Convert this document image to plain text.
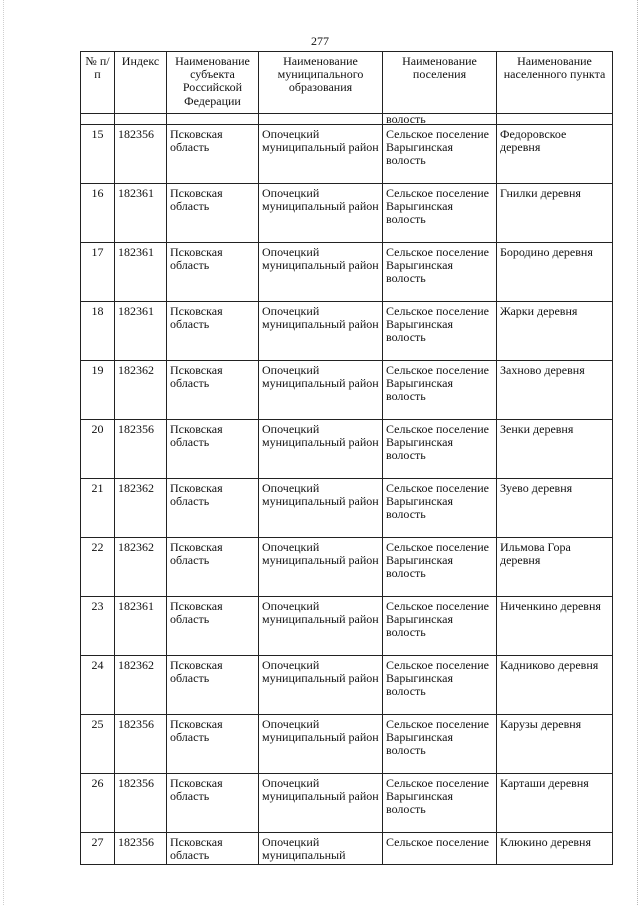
277
№ п/п	Индекс	Наименование субъекта Российской Федерации	Наименование муниципального образования	Наименование поселения	Наименование населенного пункта
				волость	
15	182356	Псковская область	Опочецкий муниципальный район	Сельское поселение Варыгинская волость	Федоровское деревня
16	182361	Псковская область	Опочецкий муниципальный район	Сельское поселение Варыгинская волость	Гнилки деревня
17	182361	Псковская область	Опочецкий муниципальный район	Сельское поселение Варыгинская волость	Бородино деревня
18	182361	Псковская область	Опочецкий муниципальный район	Сельское поселение Варыгинская волость	Жарки деревня
19	182362	Псковская область	Опочецкий муниципальный район	Сельское поселение Варыгинская волость	Захново деревня
20	182356	Псковская область	Опочецкий муниципальный район	Сельское поселение Варыгинская волость	Зенки деревня
21	182362	Псковская область	Опочецкий муниципальный район	Сельское поселение Варыгинская волость	Зуево деревня
22	182362	Псковская область	Опочецкий муниципальный район	Сельское поселение Варыгинская волость	Ильмова Гора деревня
23	182361	Псковская область	Опочецкий муниципальный район	Сельское поселение Варыгинская волость	Ниченкино деревня
24	182362	Псковская область	Опочецкий муниципальный район	Сельское поселение Варыгинская волость	Кадниково деревня
25	182356	Псковская область	Опочецкий муниципальный район	Сельское поселение Варыгинская волость	Карузы деревня
26	182356	Псковская область	Опочецкий муниципальный район	Сельское поселение Варыгинская волость	Карташи деревня
27	182356	Псковская область	Опочецкий муниципальный	Сельское поселение	Клюкино деревня
